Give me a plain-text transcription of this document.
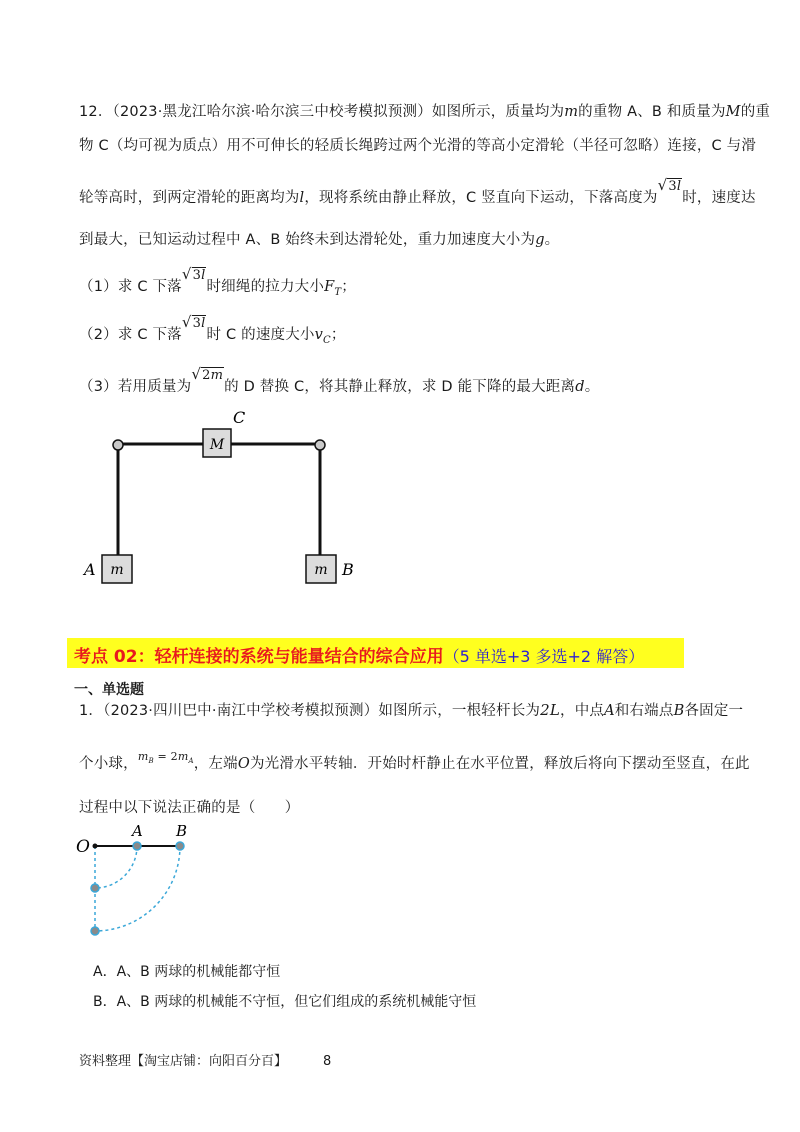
12．（2023·黑龙江哈尔滨·哈尔滨三中校考模拟预测）如图所示，质量均为m的重物 A、B 和质量为M的重
物 C（均可视为质点）用不可伸长的轻质长绳跨过两个光滑的等高小定滑轮（半径可忽略）连接，C 与滑
轮等高时，到两定滑轮的距离均为l，现将系统由静止释放，C 竖直向下运动，下落高度为√3l时，速度达
到最大，已知运动过程中 A、B 始终未到达滑轮处，重力加速度大小为g。
（1）求 C 下落√3l时细绳的拉力大小$F_T$；
（2）求 C 下落√3l时 C 的速度大小$v_C$；
（3）若用质量为√2m的 D 替换 C，将其静止释放，求 D 能下降的最大距离d。
M
C
m
A	m B
考点 02：轻杆连接的系统与能量结合的综合应用（5 单选+3 多选+2 解答）
一、单选题
1．（2023·四川巴中·南江中学校考模拟预测）如图所示，一根轻杆长为2L，中点A和右端点B各固定一
个小球，$^{m_B = 2m_A}$，左端O为光滑水平转轴．开始时杆静止在水平位置，释放后将向下摆动至竖直，在此
过程中以下说法正确的是（　　）
O
A B
A．A、B 两球的机械能都守恒
B．A、B 两球的机械能不守恒，但它们组成的系统机械能守恒
资料整理【淘宝店铺：向阳百分百】	8
